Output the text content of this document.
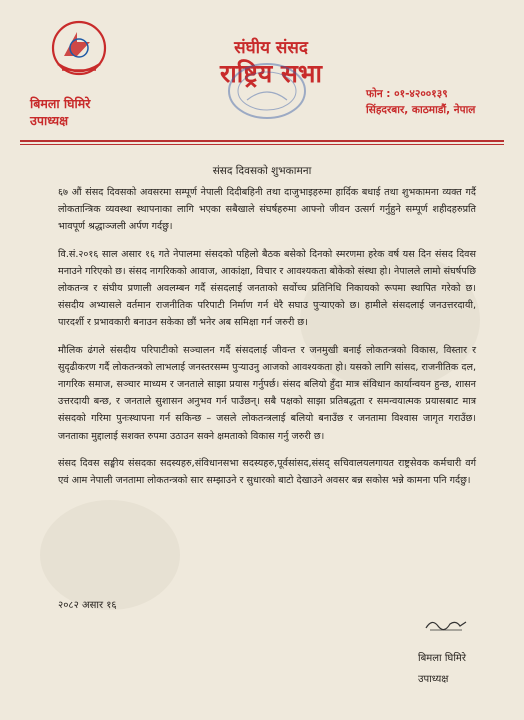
बिमला घिमिरे
उपाध्यक्ष
संघीय संसद
राष्ट्रिय सभा
फोन : ०१-४२००१३९
सिंहदरबार, काठमाडौं, नेपाल
संसद दिवसको शुभकामना

६७ औं संसद दिवसको अवसरमा सम्पूर्ण नेपाली दिदीबहिनी तथा दाजुभाइहरुमा हार्दिक बधाई तथा शुभकामना व्यक्त गर्दै लोकतान्त्रिक व्यवस्था स्थापनाका लागि भएका सबैखाले संघर्षहरुमा आफ्नो जीवन उत्सर्ग गर्नुहुने सम्पूर्ण शहीदहरुप्रति भावपूर्ण श्रद्धाञ्जली अर्पण गर्दछु।

वि.सं.२०१६ साल असार १६ गते नेपालमा संसदको पहिलो बैठक बसेको दिनको स्मरणमा हरेक वर्ष यस दिन संसद दिवस मनाउने गरिएको छ। संसद नागरिकको आवाज, आकांक्षा, विचार र आवश्यकता बोकेको संस्था हो। नेपालले लामो संघर्षपछि लोकतन्त्र र संघीय प्रणाली अवलम्बन गर्दै संसदलाई जनताको सर्वोच्च प्रतिनिधि निकायको रूपमा स्थापित गरेको छ। संसदीय अभ्यासले वर्तमान राजनीतिक परिपाटी निर्माण गर्न धेरै सघाउ पुऱ्याएको छ। हामीले संसदलाई जनउत्तरदायी, पारदर्शी र प्रभावकारी बनाउन सकेका छौं भनेर अब समिक्षा गर्न जरुरी छ।

मौलिक ढंगले संसदीय परिपाटीको सञ्चालन गर्दै संसदलाई जीवन्त र जनमुखी बनाई लोकतन्त्रको विकास, विस्तार र सुदृढीकरण गर्दै लोकतन्त्रको लाभलाई जनस्तरसम्म पुऱ्याउनु आजको आवश्यकता हो। यसको लागि सांसद, राजनीतिक दल, नागरिक समाज, सञ्चार माध्यम र जनताले साझा प्रयास गर्नुपर्छ। संसद बलियो हुँदा मात्र संविधान कार्यान्वयन हुन्छ, शासन उत्तरदायी बन्छ, र जनताले सुशासन अनुभव गर्न पाउँछन्। सबै पक्षको साझा प्रतिबद्धता र समन्वयात्मक प्रयासबाट मात्र संसदको गरिमा पुनःस्थापना गर्न सकिन्छ – जसले लोकतन्त्रलाई बलियो बनाउँछ र जनतामा विश्वास जागृत गराउँछ। जनताका मुद्दालाई सशक्त रुपमा उठाउन सक्ने क्षमताको विकास गर्नु जरुरी छ।

संसद दिवस सङ्घीय संसदका सदस्यहरु,संविधानसभा सदस्यहरु,पूर्वसांसद,संसद् सचिवालयलगायत राष्ट्रसेवक कर्मचारी वर्ग एवं आम नेपाली जनतामा लोकतन्त्रको सार सम्झाउने र सुधारको बाटो देखाउने अवसर बन्न सकोस भन्ने कामना पनि गर्दछु।

२०८२ असार १६
बिमला घिमिरे
उपाध्यक्ष
